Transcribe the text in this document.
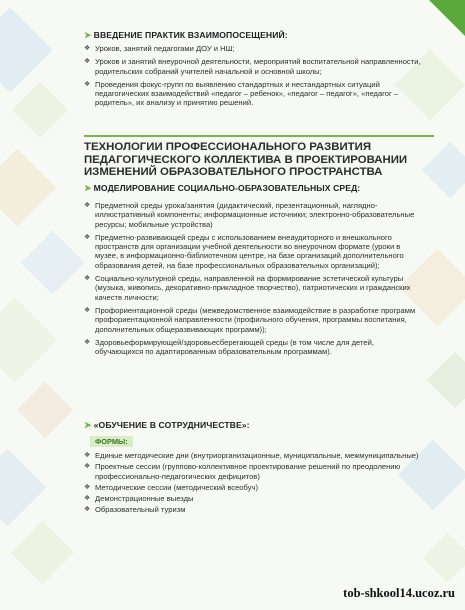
➤ ВВЕДЕНИЕ ПРАКТИК ВЗАИМОПОСЕЩЕНИЙ:
❖ Уроков, занятий педагогами ДОУ и НШ;
❖ Уроков и занятий внеурочной деятельности, мероприятий воспитательной направленности, родительских собраний учителей начальной и основной школы;
❖ Проведения фокус-групп по выявлению стандартных и нестандартных ситуаций педагогических взаимодействий «педагог – ребенок», «педагог – педагог», «педагог – родитель», их анализу и принятию решений.
ТЕХНОЛОГИИ ПРОФЕССИОНАЛЬНОГО РАЗВИТИЯ ПЕДАГОГИЧЕСКОГО КОЛЛЕКТИВА В ПРОЕКТИРОВАНИИ ИЗМЕНЕНИЙ ОБРАЗОВАТЕЛЬНОГО ПРОСТРАНСТВА
➤ МОДЕЛИРОВАНИЕ СОЦИАЛЬНО-ОБРАЗОВАТЕЛЬНЫХ СРЕД:
❖ Предметной среды урока/занятия (дидактический, презентационный, наглядно-иллюстративный компоненты; информационные источники; электронно-образовательные ресурсы; мобильные устройства)
❖ Предметно-развивающей среды с использованием внеаудиторного и внешкольного пространств для организации учебной деятельности во внеурочном формате (уроки в музее, в информационно-библиотечном центре, на базе организаций дополнительного образования детей, на базе профессиональных образовательных организаций);
❖ Социально-культурной среды, направленной на формирование эстетической культуры (музыка, живопись, декоративно-прикладное творчество), патриотических и гражданских качеств личности;
❖ Профориентационной среды (межведомственное взаимодействие в разработке программ профориентационной направленности (профильного обучения, программы воспитания, дополнительных общеразвивающих программ));
❖ Здоровьеформирующей/здоровьесберегающей среды (в том числе для детей, обучающихся по адаптированным образовательным программам).
➤ «ОБУЧЕНИЕ В СОТРУДНИЧЕСТВЕ»:
ФОРМЫ:
❖ Единые методические дни (внутриорганизационные, муниципальные, межмуниципальные)
❖ Проектные сессии (группово-коллективное проектирование решений по преодолению профессионально-педагогических дефицитов)
❖ Методические сессии (методический всеобуч)
❖ Демонстрационные выезды
❖ Образовательный туризм
tob-shkool14.ucoz.ru
